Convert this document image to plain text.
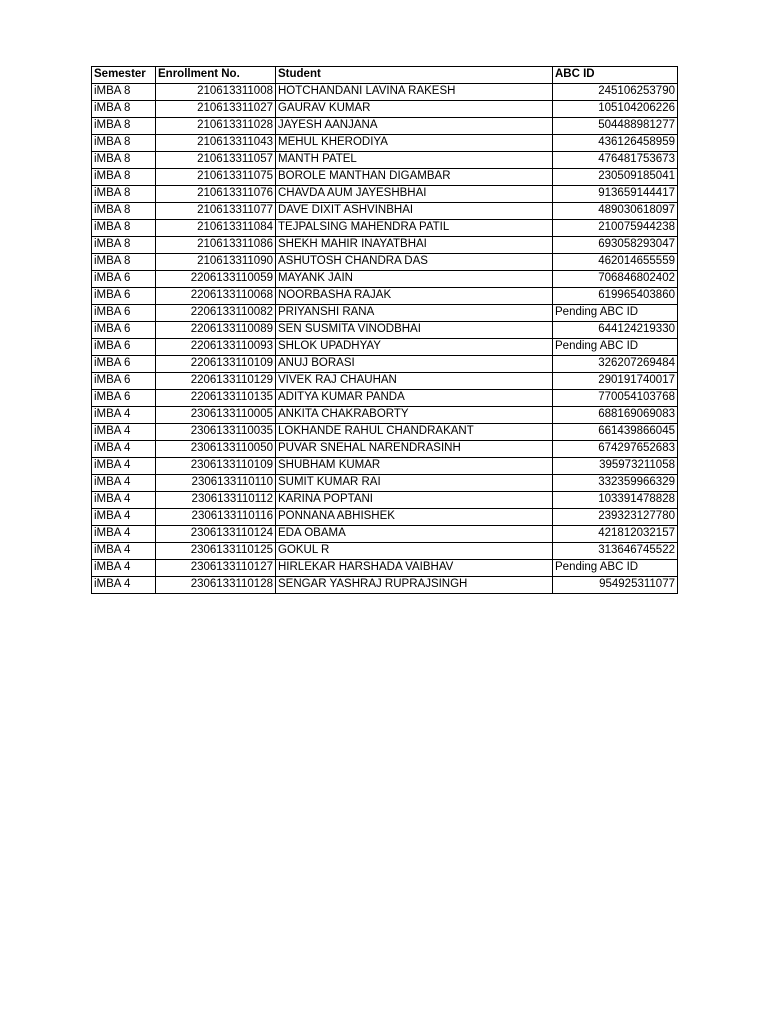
Semester	Enrollment No.	Student	ABC ID
iMBA 8	210613311008	HOTCHANDANI LAVINA RAKESH	245106253790
iMBA 8	210613311027	GAURAV KUMAR	105104206226
iMBA 8	210613311028	JAYESH AANJANA	504488981277
iMBA 8	210613311043	MEHUL KHERODIYA	436126458959
iMBA 8	210613311057	MANTH PATEL	476481753673
iMBA 8	210613311075	BOROLE MANTHAN DIGAMBAR	230509185041
iMBA 8	210613311076	CHAVDA AUM JAYESHBHAI	913659144417
iMBA 8	210613311077	DAVE DIXIT ASHVINBHAI	489030618097
iMBA 8	210613311084	TEJPALSING MAHENDRA PATIL	210075944238
iMBA 8	210613311086	SHEKH MAHIR INAYATBHAI	693058293047
iMBA 8	210613311090	ASHUTOSH CHANDRA DAS	462014655559
iMBA 6	2206133110059	MAYANK JAIN	706846802402
iMBA 6	2206133110068	NOORBASHA RAJAK	619965403860
iMBA 6	2206133110082	PRIYANSHI RANA	Pending ABC ID
iMBA 6	2206133110089	SEN SUSMITA VINODBHAI	644124219330
iMBA 6	2206133110093	SHLOK UPADHYAY	Pending ABC ID
iMBA 6	2206133110109	ANUJ BORASI	326207269484
iMBA 6	2206133110129	VIVEK RAJ CHAUHAN	290191740017
iMBA 6	2206133110135	ADITYA KUMAR PANDA	770054103768
iMBA 4	2306133110005	ANKITA CHAKRABORTY	688169069083
iMBA 4	2306133110035	LOKHANDE RAHUL CHANDRAKANT	661439866045
iMBA 4	2306133110050	PUVAR SNEHAL NARENDRASINH	674297652683
iMBA 4	2306133110109	SHUBHAM KUMAR	395973211058
iMBA 4	2306133110110	SUMIT KUMAR RAI	332359966329
iMBA 4	2306133110112	KARINA POPTANI	103391478828
iMBA 4	2306133110116	PONNANA ABHISHEK	239323127780
iMBA 4	2306133110124	EDA OBAMA	421812032157
iMBA 4	2306133110125	GOKUL R	313646745522
iMBA 4	2306133110127	HIRLEKAR HARSHADA VAIBHAV	Pending ABC ID
iMBA 4	2306133110128	SENGAR YASHRAJ RUPRAJSINGH	954925311077
